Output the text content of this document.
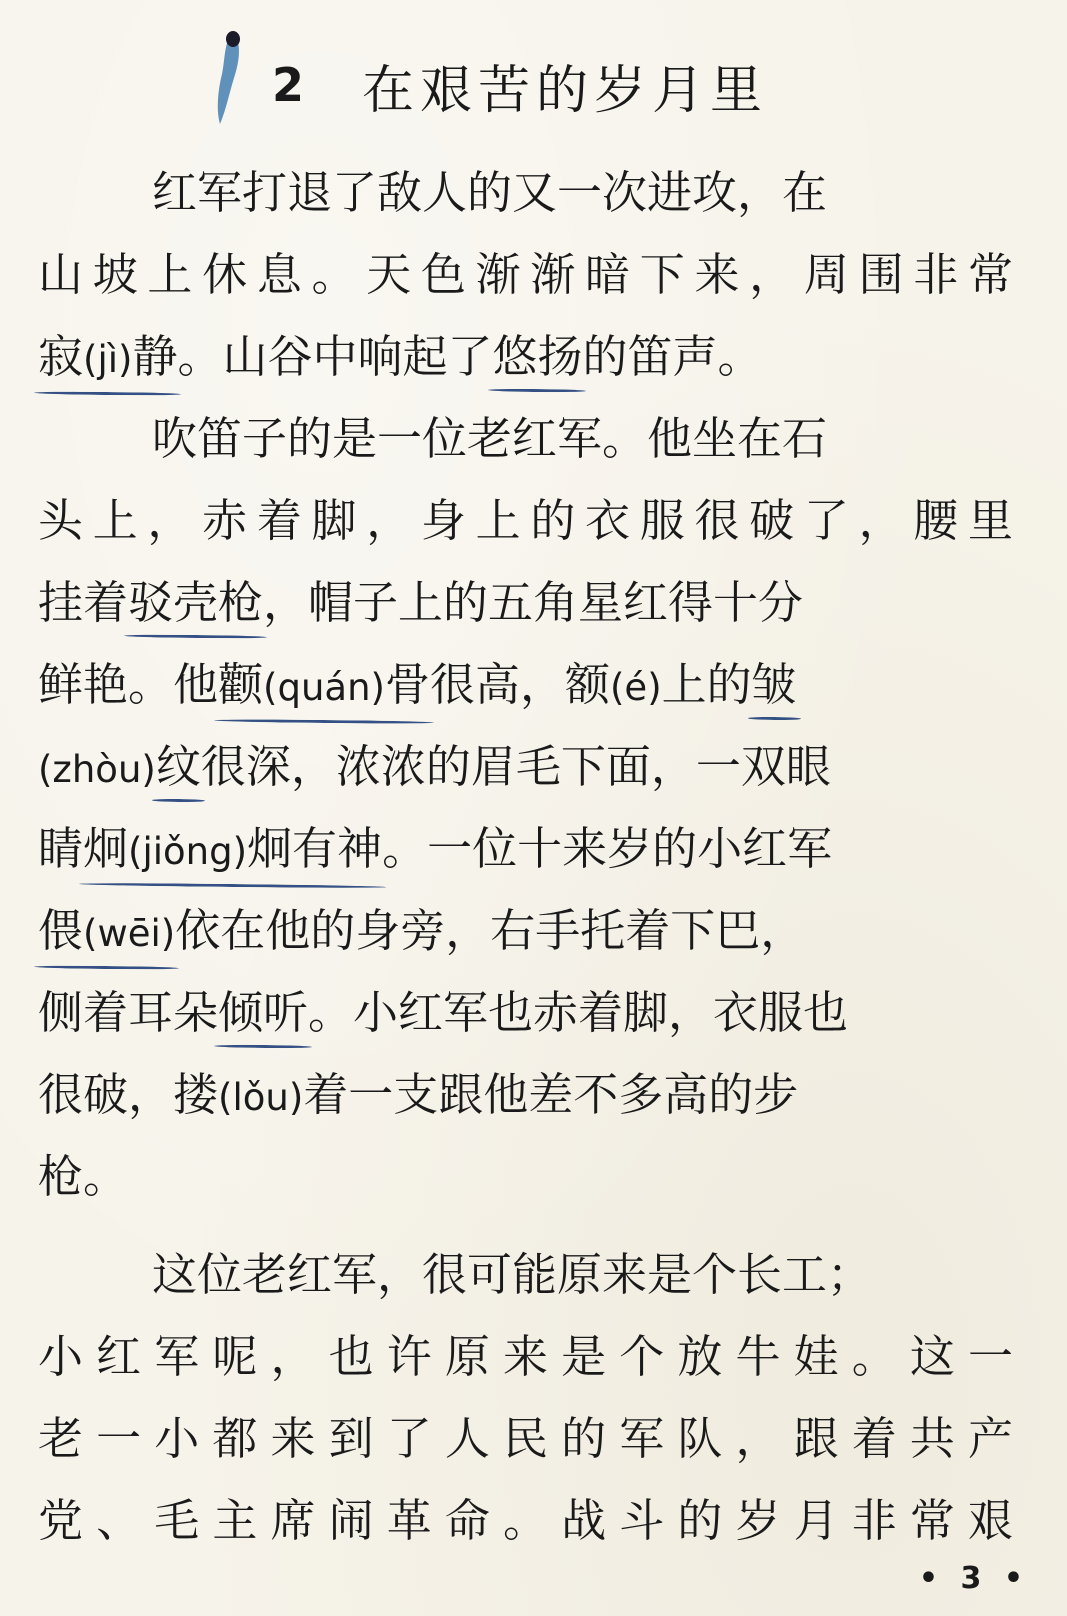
2 在艰苦的岁月里
红军打退了敌人的又一次进攻，在
山坡上休息。天色渐渐暗下来，周围非常
寂(jì)静。山谷中响起了悠扬的笛声。
吹笛子的是一位老红军。他坐在石
头上，赤着脚，身上的衣服很破了，腰里
挂着驳壳枪，帽子上的五角星红得十分
鲜艳。他颧(quán)骨很高，额(é)上的皱
(zhòu)纹很深，浓浓的眉毛下面，一双眼
睛炯(jiǒng)炯有神。一位十来岁的小红军
偎(wēi)依在他的身旁，右手托着下巴，
侧着耳朵倾听。小红军也赤着脚，衣服也
很破，搂(lǒu)着一支跟他差不多高的步
枪。
这位老红军，很可能原来是个长工；
小红军呢，也许原来是个放牛娃。这一
老一小都来到了人民的军队，跟着共产
党、毛主席闹革命。战斗的岁月非常艰
• 3 •
